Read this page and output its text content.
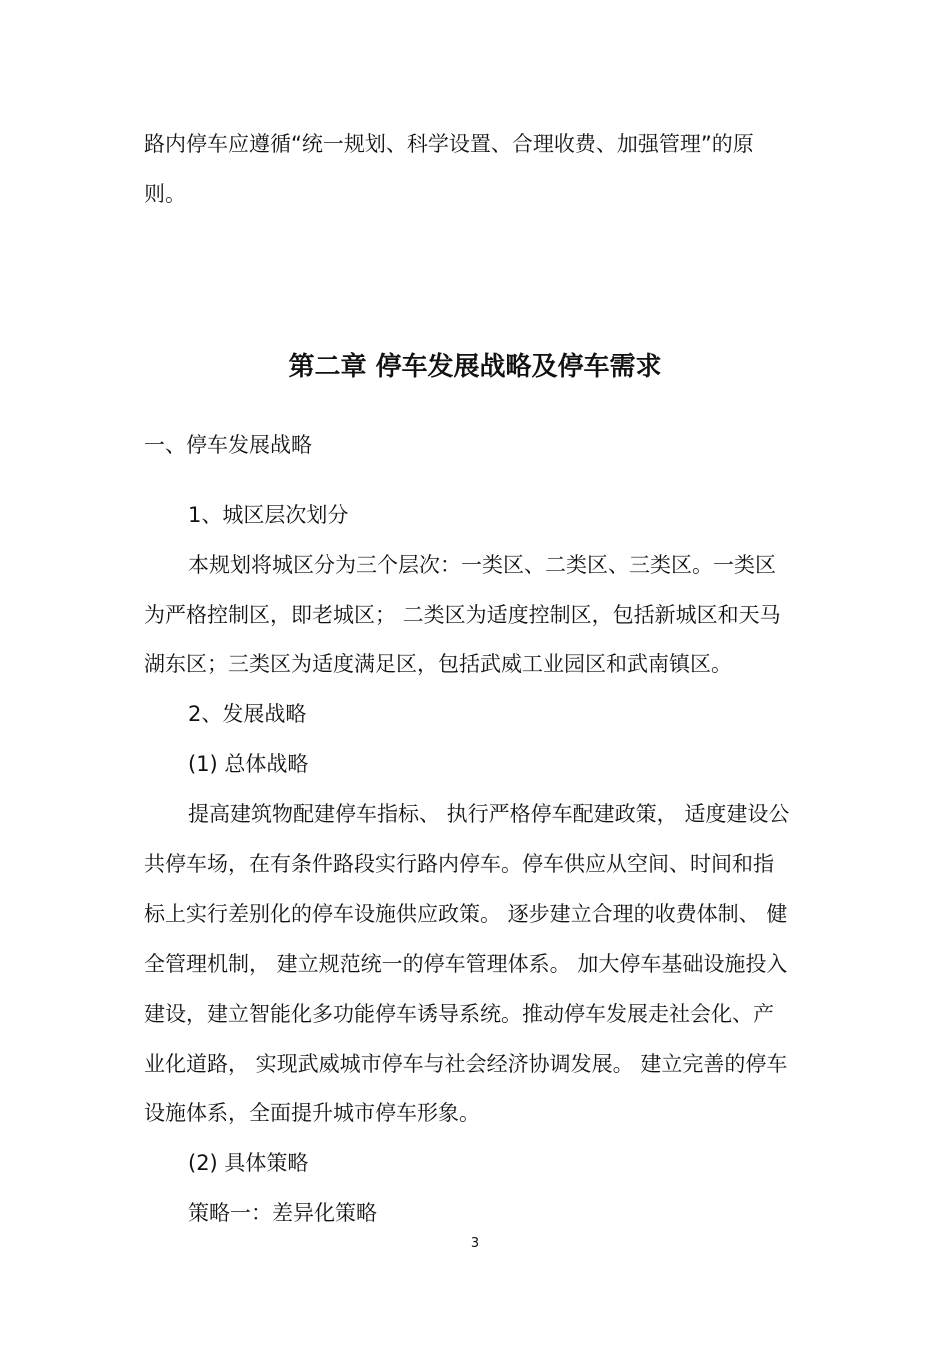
路内停车应遵循“统一规划、科学设置、合理收费、加强管理”的原

则。

第二章 停车发展战略及停车需求
一、停车发展战略

1、城区层次划分

本规划将城区分为三个层次：一类区、二类区、三类区。一类区

为严格控制区，即老城区； 二类区为适度控制区，包括新城区和天马

湖东区；三类区为适度满足区，包括武威工业园区和武南镇区。

2、发展战略

(1) 总体战略

提高建筑物配建停车指标、 执行严格停车配建政策， 适度建设公

共停车场，在有条件路段实行路内停车。停车供应从空间、时间和指

标上实行差别化的停车设施供应政策。 逐步建立合理的收费体制、 健

全管理机制， 建立规范统一的停车管理体系。 加大停车基础设施投入

建设，建立智能化多功能停车诱导系统。推动停车发展走社会化、产

业化道路， 实现武威城市停车与社会经济协调发展。 建立完善的停车

设施体系，全面提升城市停车形象。

(2) 具体策略

策略一：差异化策略

3
